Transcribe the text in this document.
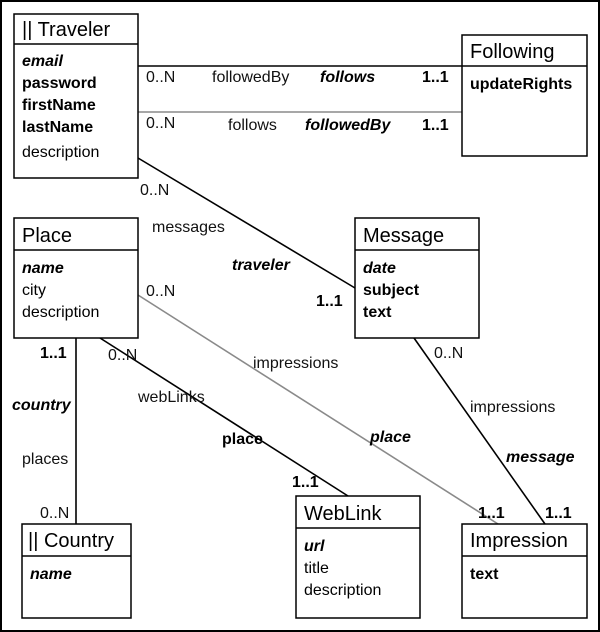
|| Traveler
email
password
firstName
lastName
description
Following
updateRights
Place
name
city
description
Message
date
subject
text
|| Country
name
WebLink
url
title
description
Impression
text
0..N followedBy follows	1..1
0..N	follows followedBy 1..1
0..N
messages
traveler
1..1
0..N
impressions
place
1..1
1..1
country
places
0..N
0..N
webLinks
place
1..1
0..N
impressions
message
1..1
